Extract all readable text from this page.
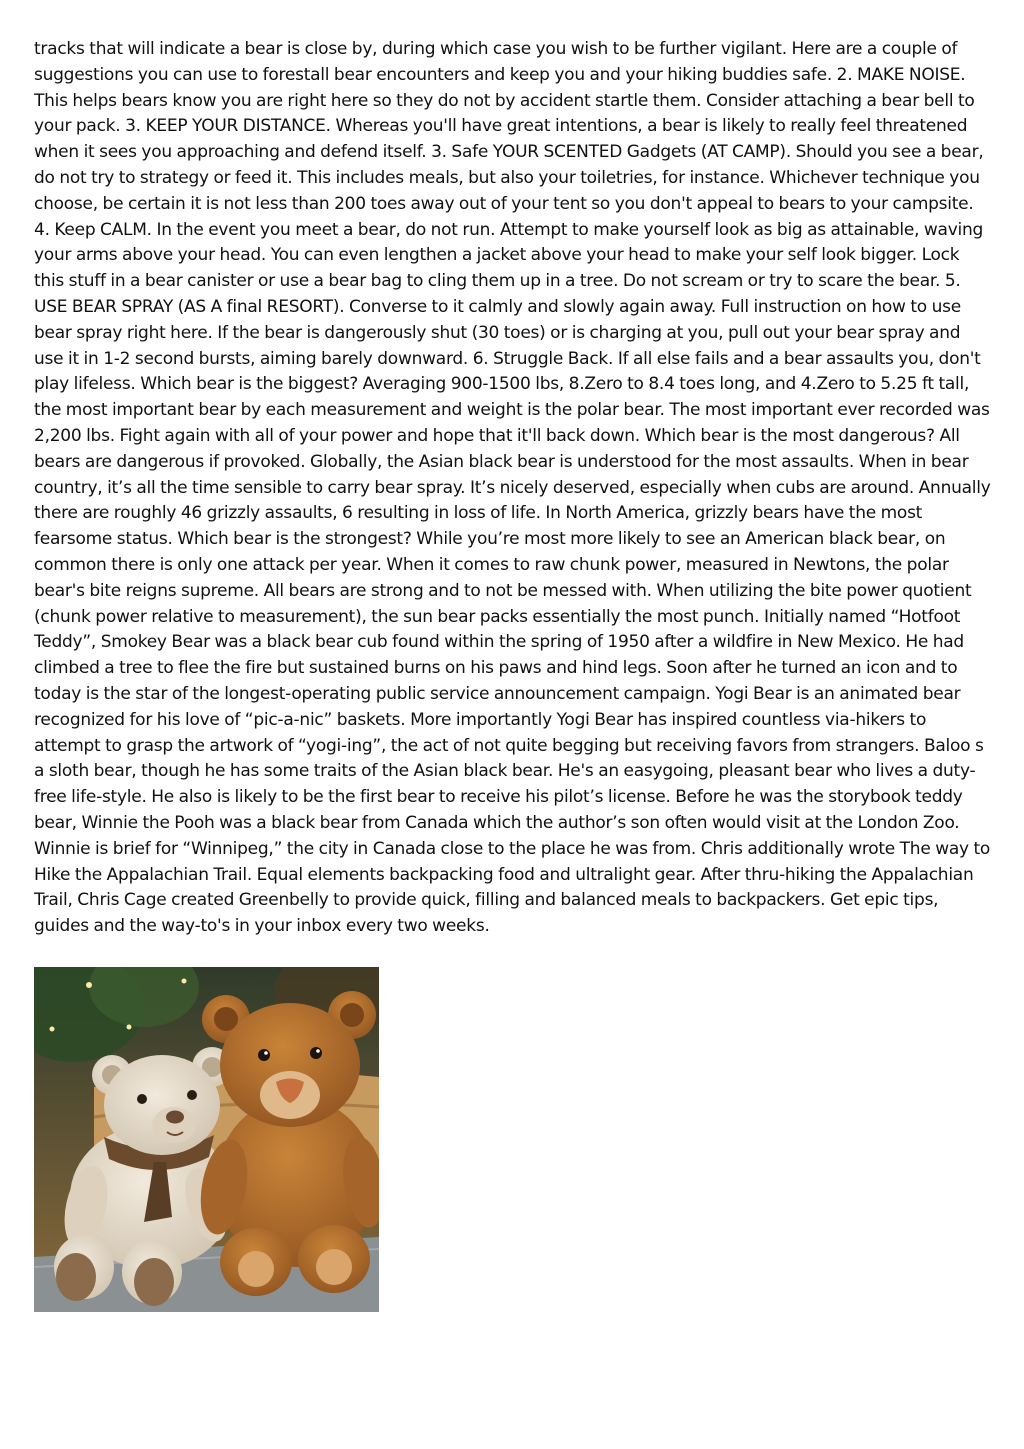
tracks that will indicate a bear is close by, during which case you wish to be further vigilant. Here are a couple of suggestions you can use to forestall bear encounters and keep you and your hiking buddies safe. 2. MAKE NOISE. This helps bears know you are right here so they do not by accident startle them. Consider attaching a bear bell to your pack. 3. KEEP YOUR DISTANCE. Whereas you'll have great intentions, a bear is likely to really feel threatened when it sees you approaching and defend itself. 3. Safe YOUR SCENTED Gadgets (AT CAMP). Should you see a bear, do not try to strategy or feed it. This includes meals, but also your toiletries, for instance. Whichever technique you choose, be certain it is not less than 200 toes away out of your tent so you don't appeal to bears to your campsite. 4. Keep CALM. In the event you meet a bear, do not run. Attempt to make yourself look as big as attainable, waving your arms above your head. You can even lengthen a jacket above your head to make your self look bigger. Lock this stuff in a bear canister or use a bear bag to cling them up in a tree. Do not scream or try to scare the bear. 5. USE BEAR SPRAY (AS A final RESORT). Converse to it calmly and slowly again away. Full instruction on how to use bear spray right here. If the bear is dangerously shut (30 toes) or is charging at you, pull out your bear spray and use it in 1-2 second bursts, aiming barely downward. 6. Struggle Back. If all else fails and a bear assaults you, don't play lifeless. Which bear is the biggest? Averaging 900-1500 lbs, 8.Zero to 8.4 toes long, and 4.Zero to 5.25 ft tall, the most important bear by each measurement and weight is the polar bear. The most important ever recorded was 2,200 lbs. Fight again with all of your power and hope that it'll back down. Which bear is the most dangerous? All bears are dangerous if provoked. Globally, the Asian black bear is understood for the most assaults. When in bear country, it’s all the time sensible to carry bear spray. It’s nicely deserved, especially when cubs are around. Annually there are roughly 46 grizzly assaults, 6 resulting in loss of life. In North America, grizzly bears have the most fearsome status. Which bear is the strongest? While you’re most more likely to see an American black bear, on common there is only one attack per year. When it comes to raw chunk power, measured in Newtons, the polar bear's bite reigns supreme. All bears are strong and to not be messed with. When utilizing the bite power quotient (chunk power relative to measurement), the sun bear packs essentially the most punch. Initially named “Hotfoot Teddy”, Smokey Bear was a black bear cub found within the spring of 1950 after a wildfire in New Mexico. He had climbed a tree to flee the fire but sustained burns on his paws and hind legs. Soon after he turned an icon and to today is the star of the longest-operating public service announcement campaign. Yogi Bear is an animated bear recognized for his love of “pic-a-nic” baskets. More importantly Yogi Bear has inspired countless via-hikers to attempt to grasp the artwork of “yogi-ing”, the act of not quite begging but receiving favors from strangers. Baloo s a sloth bear, though he has some traits of the Asian black bear. He's an easygoing, pleasant bear who lives a duty-free life-style. He also is likely to be the first bear to receive his pilot’s license. Before he was the storybook teddy bear, Winnie the Pooh was a black bear from Canada which the author’s son often would visit at the London Zoo. Winnie is brief for “Winnipeg,” the city in Canada close to the place he was from. Chris additionally wrote The way to Hike the Appalachian Trail. Equal elements backpacking food and ultralight gear. After thru-hiking the Appalachian Trail, Chris Cage created Greenbelly to provide quick, filling and balanced meals to backpackers. Get epic tips, guides and the way-to's in your inbox every two weeks.
